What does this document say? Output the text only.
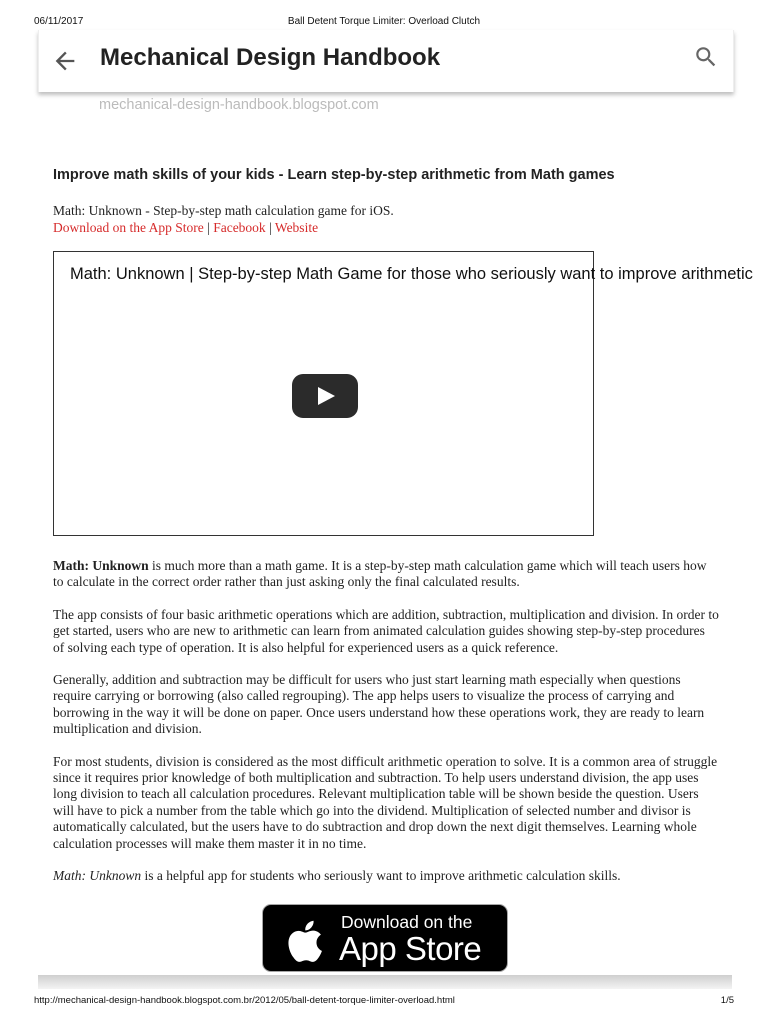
06/11/2017	Ball Detent Torque Limiter: Overload Clutch
Mechanical Design Handbook
mechanical-design-handbook.blogspot.com
Improve math skills of your kids - Learn step-by-step arithmetic from Math games
Math: Unknown - Step-by-step math calculation game for iOS.
Download on the App Store | Facebook | Website
Math: Unknown | Step-by-step Math Game for those who seriously want to improve arithmetic

Math: Unknown is much more than a math game. It is a step-by-step math calculation game which will teach users how to calculate in the correct order rather than just asking only the final calculated results.

The app consists of four basic arithmetic operations which are addition, subtraction, multiplication and division. In order to get started, users who are new to arithmetic can learn from animated calculation guides showing step-by-step procedures of solving each type of operation. It is also helpful for experienced users as a quick reference.

Generally, addition and subtraction may be difficult for users who just start learning math especially when questions require carrying or borrowing (also called regrouping). The app helps users to visualize the process of carrying and borrowing in the way it will be done on paper. Once users understand how these operations work, they are ready to learn multiplication and division.

For most students, division is considered as the most difficult arithmetic operation to solve. It is a common area of struggle since it requires prior knowledge of both multiplication and subtraction. To help users understand division, the app uses long division to teach all calculation procedures. Relevant multiplication table will be shown beside the question. Users will have to pick a number from the table which go into the dividend. Multiplication of selected number and divisor is automatically calculated, but the users have to do subtraction and drop down the next digit themselves. Learning whole calculation processes will make them master it in no time.

Math: Unknown is a helpful app for students who seriously want to improve arithmetic calculation skills.

Download on the
App Store
http://mechanical-design-handbook.blogspot.com.br/2012/05/ball-detent-torque-limiter-overload.html	1/5
